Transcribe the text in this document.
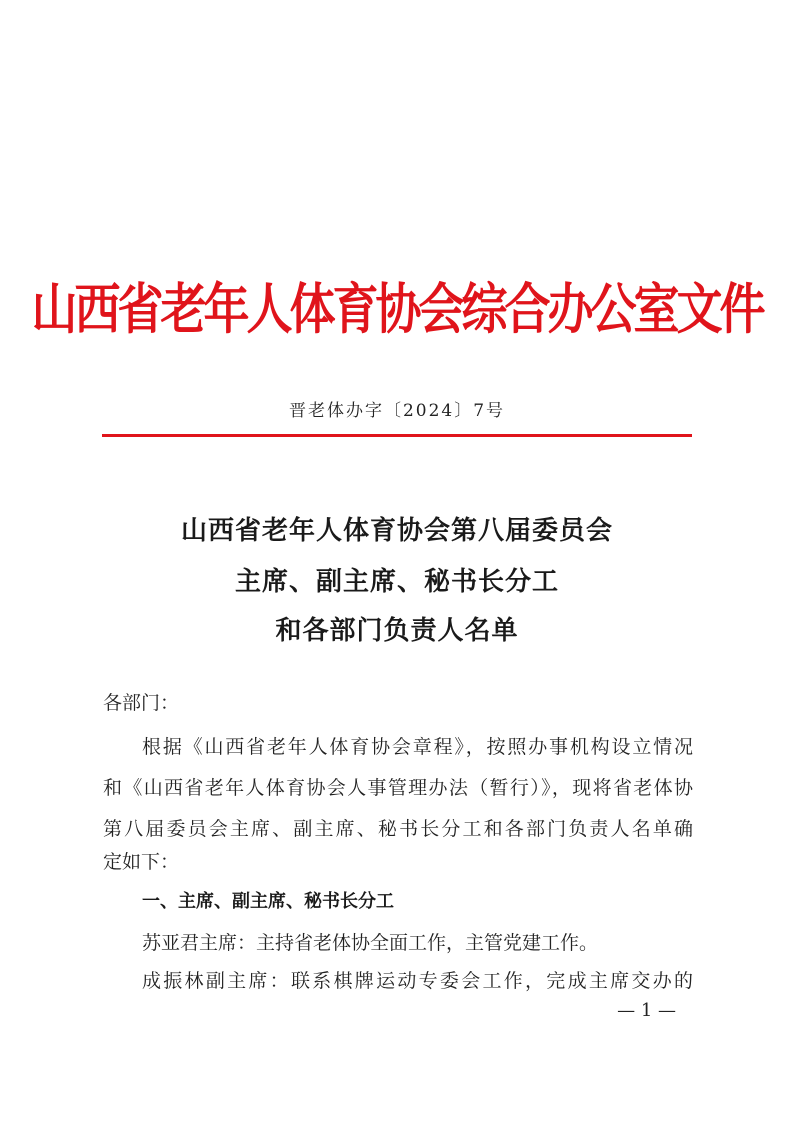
山西省老年人体育协会综合办公室文件
晋老体办字〔2024〕7号
山西省老年人体育协会第八届委员会
主席、副主席、秘书长分工
和各部门负责人名单
各部门：
根据《山西省老年人体育协会章程》，按照办事机构设立情况
和《山西省老年人体育协会人事管理办法（暂行）》，现将省老体协
第八届委员会主席、副主席、秘书长分工和各部门负责人名单确
定如下：
一、主席、副主席、秘书长分工
苏亚君主席：主持省老体协全面工作，主管党建工作。
成振林副主席：联系棋牌运动专委会工作，完成主席交办的
— 1 —
